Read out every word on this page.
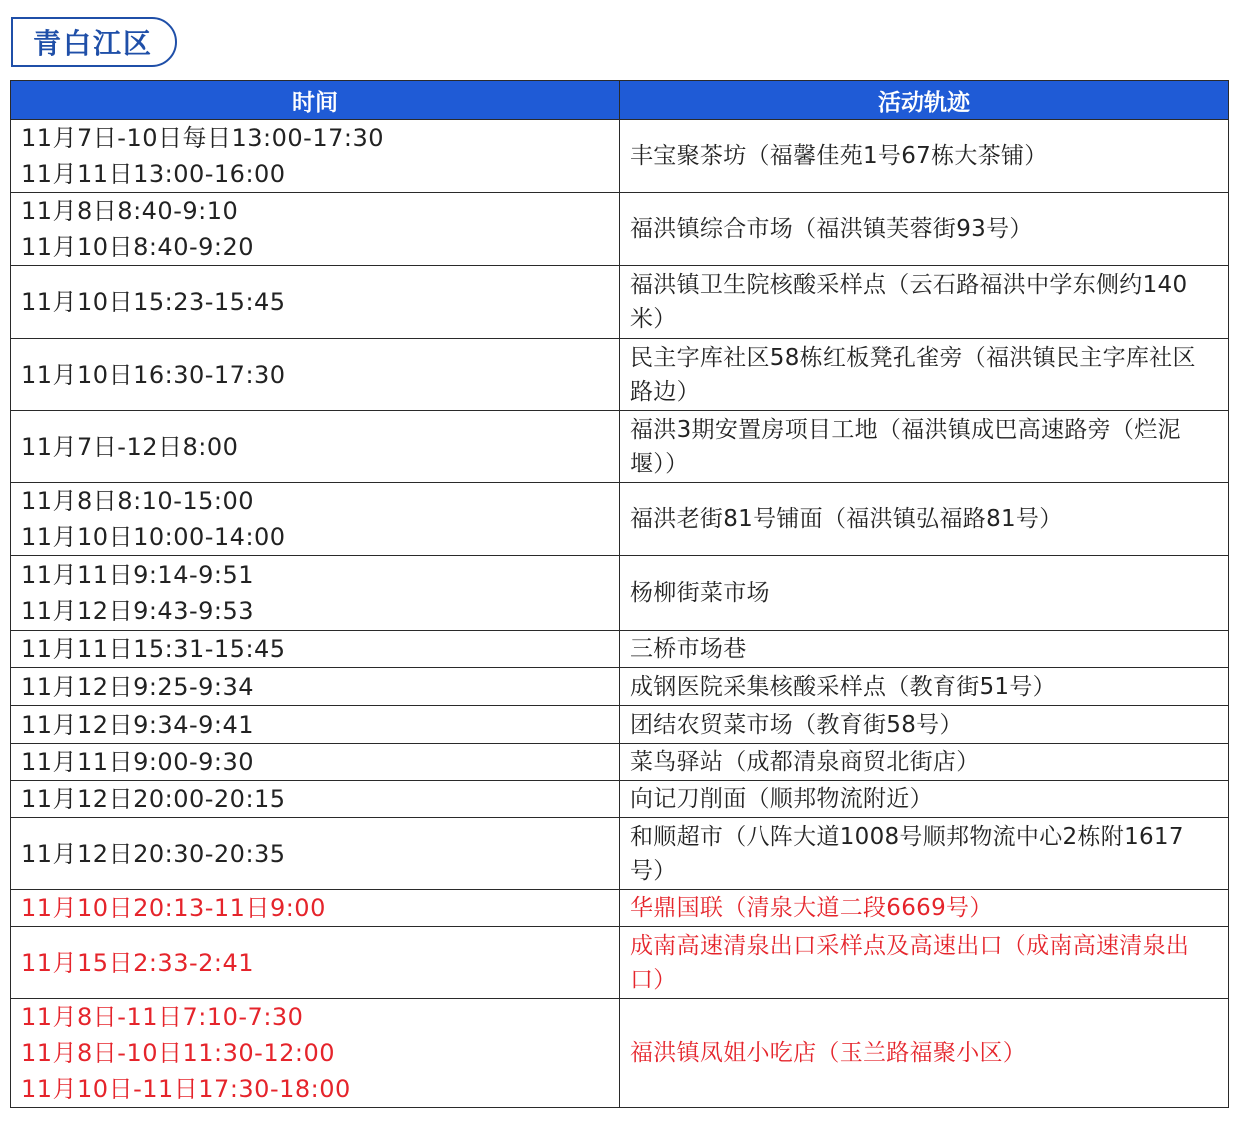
青白江区
时间	活动轨迹

11月7日-10日每日13:00-17:30
11月11日13:00-16:00	丰宝聚茶坊（福馨佳苑1号67栋大茶铺）

11月8日8:40-9:10
11月10日8:40-9:20	福洪镇综合市场（福洪镇芙蓉街93号）

11月10日15:23-15:45	福洪镇卫生院核酸采样点（云石路福洪中学东侧约140米）

11月10日16:30-17:30	民主字库社区58栋红板凳孔雀旁（福洪镇民主字库社区路边）

11月7日-12日8:00	福洪3期安置房项目工地（福洪镇成巴高速路旁（烂泥堰））

11月8日8:10-15:00
11月10日10:00-14:00	福洪老街81号铺面（福洪镇弘福路81号）

11月11日9:14-9:51
11月12日9:43-9:53	杨柳街菜市场

11月11日15:31-15:45	三桥市场巷

11月12日9:25-9:34	成钢医院采集核酸采样点（教育街51号）

11月12日9:34-9:41	团结农贸菜市场（教育街58号）

11月11日9:00-9:30	菜鸟驿站（成都清泉商贸北街店）

11月12日20:00-20:15	向记刀削面（顺邦物流附近）

11月12日20:30-20:35	和顺超市（八阵大道1008号顺邦物流中心2栋附1617号）

11月10日20:13-11日9:00	华鼎国联（清泉大道二段6669号）

11月15日2:33-2:41	成南高速清泉出口采样点及高速出口（成南高速清泉出口）

11月8日-11日7:10-7:30
11月8日-10日11:30-12:00
11月10日-11日17:30-18:00	福洪镇凤姐小吃店（玉兰路福聚小区）
